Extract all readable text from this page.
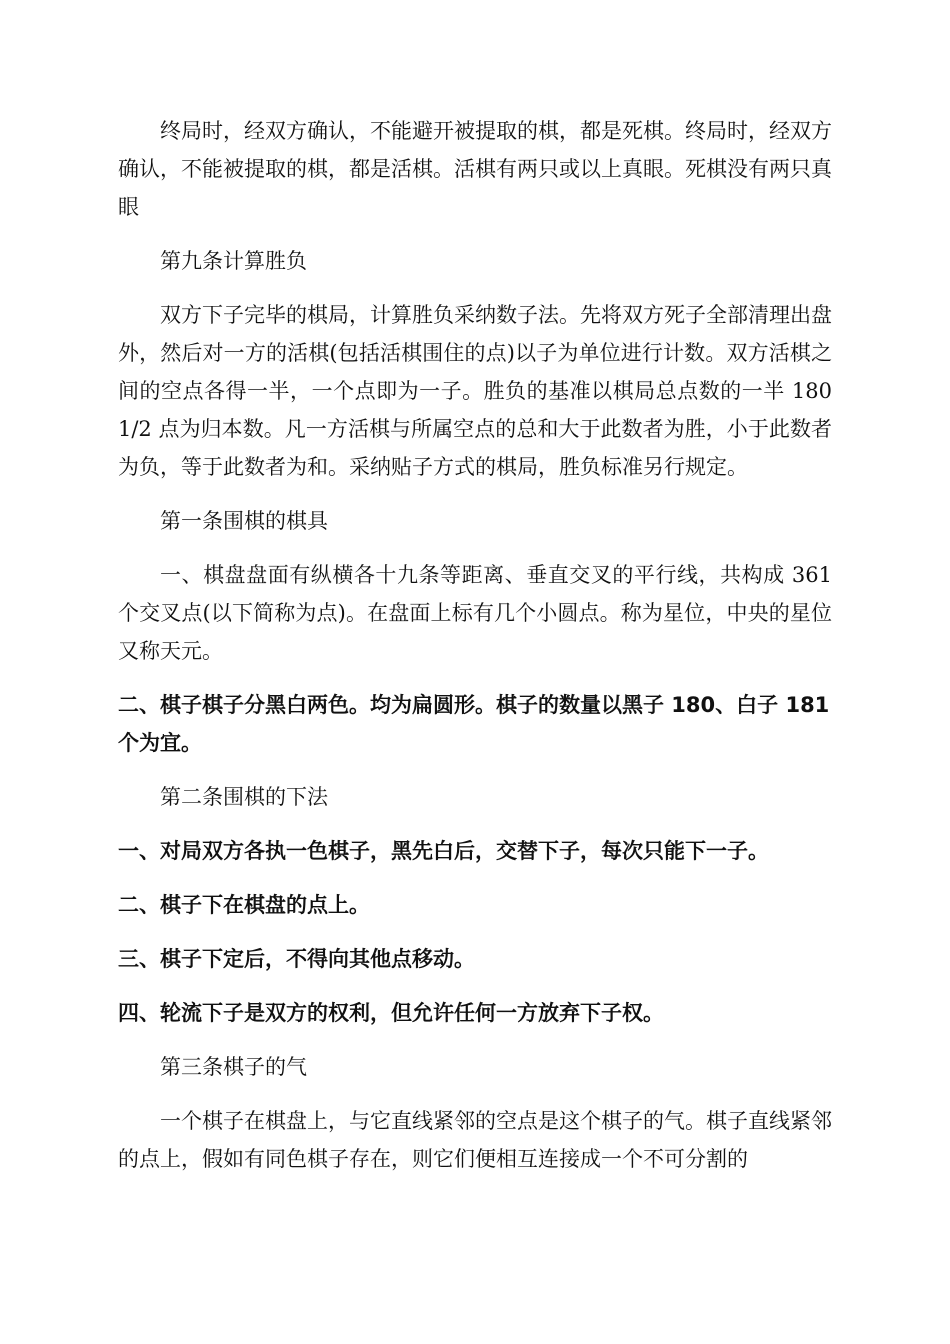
终局时，经双方确认，不能避开被提取的棋，都是死棋。终局时，经双方确认，不能被提取的棋，都是活棋。活棋有两只或以上真眼。死棋没有两只真眼

第九条计算胜负

双方下子完毕的棋局，计算胜负采纳数子法。先将双方死子全部清理出盘外，然后对一方的活棋(包括活棋围住的点)以子为单位进行计数。双方活棋之间的空点各得一半，一个点即为一子。胜负的基准以棋局总点数的一半 1801/2 点为归本数。凡一方活棋与所属空点的总和大于此数者为胜，小于此数者为负，等于此数者为和。采纳贴子方式的棋局，胜负标准另行规定。

第一条围棋的棋具

一、棋盘盘面有纵横各十九条等距离、垂直交叉的平行线，共构成 361 个交叉点(以下简称为点)。在盘面上标有几个小圆点。称为星位，中央的星位又称天元。

二、棋子棋子分黑白两色。均为扁圆形。棋子的数量以黑子 180、白子 181 个为宜。

第二条围棋的下法

一、对局双方各执一色棋子，黑先白后，交替下子，每次只能下一子。

二、棋子下在棋盘的点上。

三、棋子下定后，不得向其他点移动。

四、轮流下子是双方的权利，但允许任何一方放弃下子权。

第三条棋子的气

一个棋子在棋盘上，与它直线紧邻的空点是这个棋子的气。棋子直线紧邻的点上，假如有同色棋子存在，则它们便相互连接成一个不可分割的
